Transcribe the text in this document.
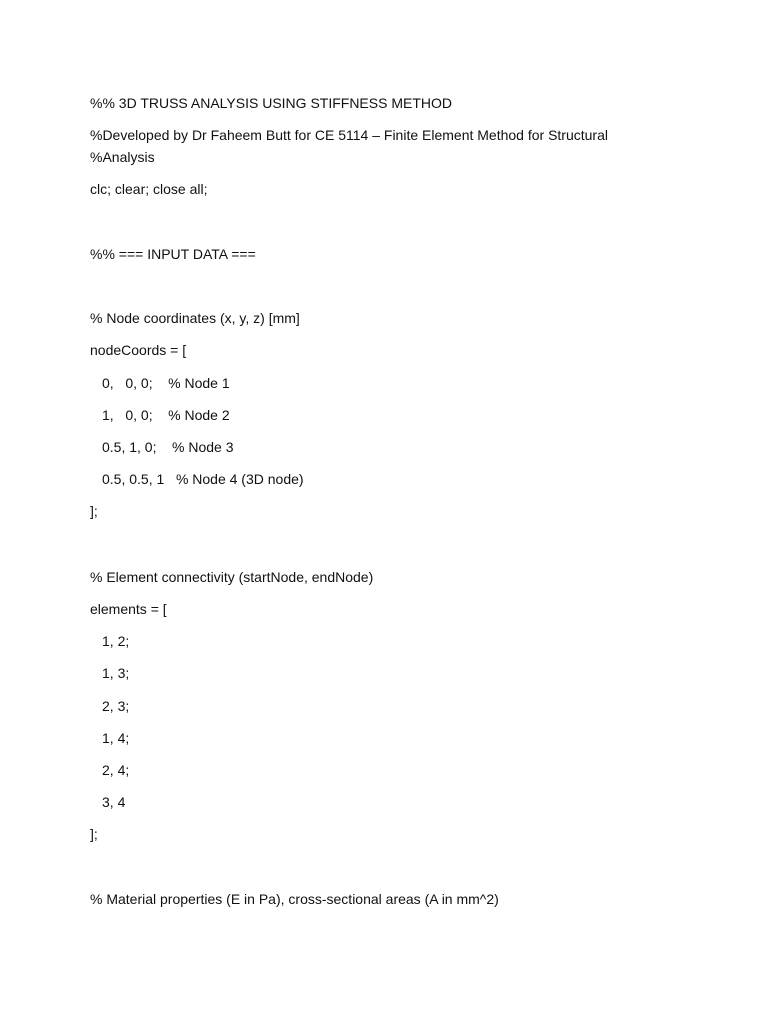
%% 3D TRUSS ANALYSIS USING STIFFNESS METHOD
%Developed by Dr Faheem Butt for CE 5114 – Finite Element Method for Structural
%Analysis
clc; clear; close all;
%% === INPUT DATA ===
% Node coordinates (x, y, z) [mm]
nodeCoords = [
0,   0, 0;    % Node 1
1,   0, 0;    % Node 2
0.5, 1, 0;    % Node 3
0.5, 0.5, 1   % Node 4 (3D node)
];
% Element connectivity (startNode, endNode)
elements = [
1, 2;
1, 3;
2, 3;
1, 4;
2, 4;
3, 4
];
% Material properties (E in Pa), cross-sectional areas (A in mm^2)
